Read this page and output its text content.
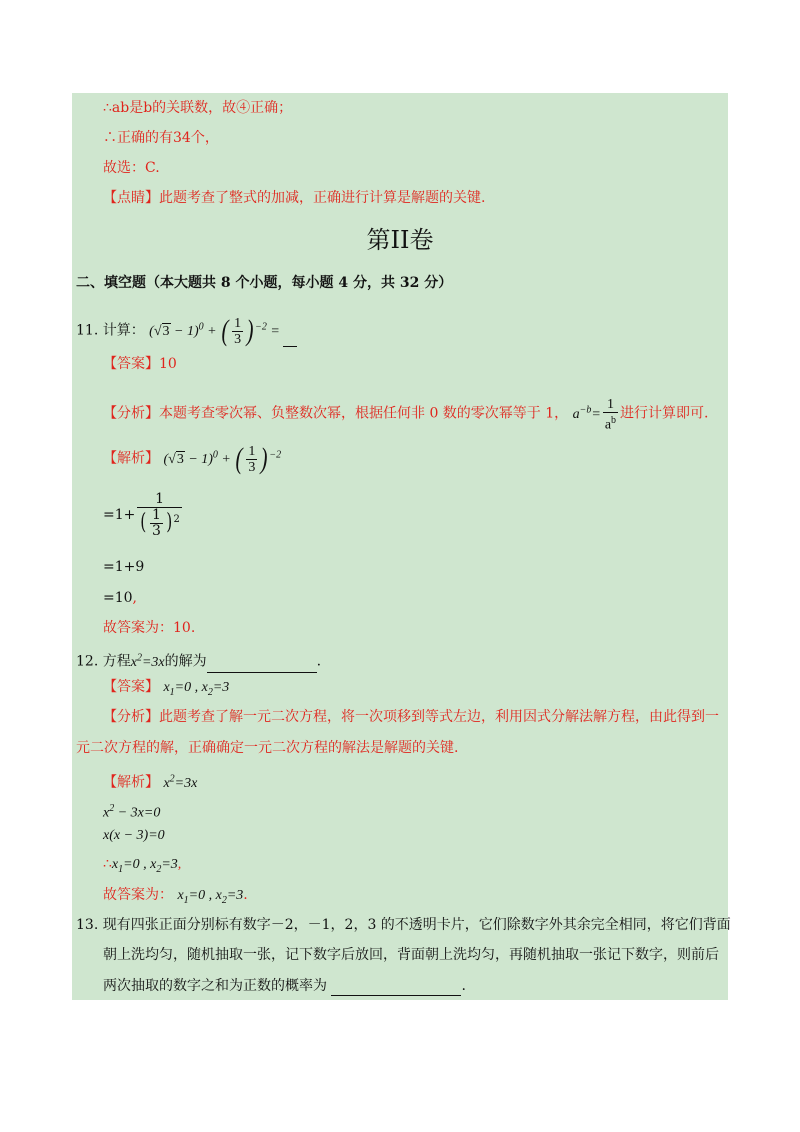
∴ab是b的关联数，故④正确；
∴正确的有34个，
故选：C.
【点睛】此题考查了整式的加减，正确进行计算是解题的关键.
第II卷
二、填空题（本大题共 8 个小题，每小题 4 分，共 32 分）
11. 计算： $(√3 - 1)^0$ + ( $\frac{1}{3}$ ) $^{-2}$ =
【答案】10
【分析】本题考查零次幂、负整数次幂，根据任何非 0 数的零次幂等于 1， $a^{-b}= \frac{1}{a^b}$ 进行计算即可.
【解析】 $(√3 - 1)^0$ + ( $\frac{1}{3}$ ) $^{-2}$
$=1+ \frac{1}{( \frac{1}{3} )^2}$
=1+9
=10,
故答案为：10.
12. 方程$x^2=3x$的解为	.
【答案】 $x_1=0$ , $x_2=3$
【分析】此题考查了解一元二次方程，将一次项移到等式左边，利用因式分解法解方程，由此得到一
元二次方程的解，正确确定一元二次方程的解法是解题的关键.
【解析】 $x^2=3x$
$x^2 - 3x=0$
x(x − 3)=0
$\therefore x_1=0$ , $x_2=3$,
故答案为： $x_1=0$ , $x_2=3$.
13. 现有四张正面分别标有数字－2，－1，2，3 的不透明卡片，它们除数字外其余完全相同，将它们背面
朝上洗均匀，随机抽取一张，记下数字后放回，背面朝上洗均匀，再随机抽取一张记下数字，则前后
两次抽取的数字之和为正数的概率为	.
